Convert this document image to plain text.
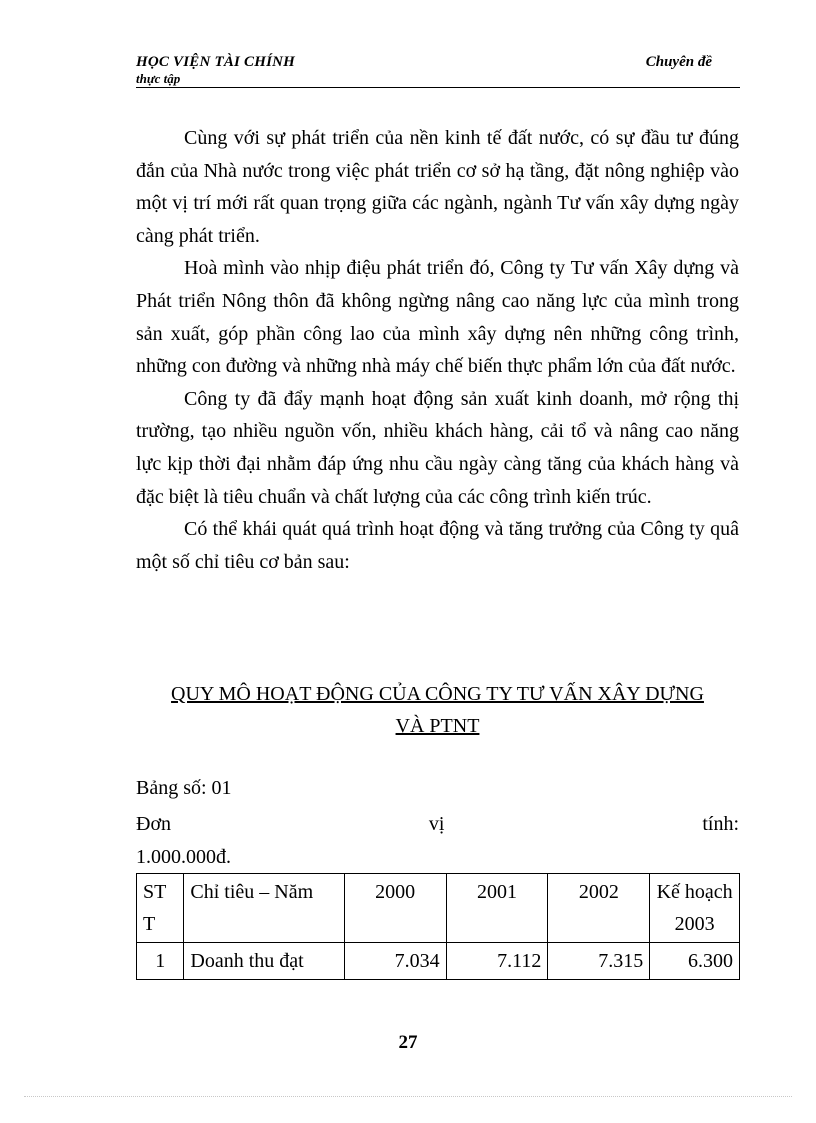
HỌC VIỆN TÀI CHÍNH	Chuyên đề
thực tập

Cùng với sự phát triển của nền kinh tế đất nước, có sự đầu tư đúng đắn của Nhà nước trong việc phát triển cơ sở hạ tầng, đặt nông nghiệp vào một vị trí mới rất quan trọng giữa các ngành, ngành Tư vấn xây dựng ngày càng phát triển.

Hoà mình vào nhịp điệu phát triển đó, Công ty Tư vấn Xây dựng và Phát triển Nông thôn đã không ngừng nâng cao năng lực của mình trong sản xuất, góp phần công lao của mình xây dựng nên những công trình, những con đường và những nhà máy chế biến thực phẩm lớn của đất nước.

Công ty đã đẩy mạnh hoạt động sản xuất kinh doanh, mở rộng thị trường, tạo nhiều nguồn vốn, nhiều khách hàng, cải tổ và nâng cao năng lực kịp thời đại nhằm đáp ứng nhu cầu ngày càng tăng của khách hàng và đặc biệt là tiêu chuẩn và chất lượng của các công trình kiến trúc.

Có thể khái quát quá trình hoạt động và tăng trưởng của Công ty quâ một số chỉ tiêu cơ bản sau:

QUY MÔ HOẠT ĐỘNG CỦA CÔNG TY TƯ VẤN XÂY DỰNG
VÀ PTNT
Bảng số: 01
Đơn vị tính:
1.000.000đ.
ST T	Chỉ tiêu – Năm	2000	2001	2002	Kế hoạch 2003
1	Doanh thu đạt	7.034	7.112	7.315	6.300
27
